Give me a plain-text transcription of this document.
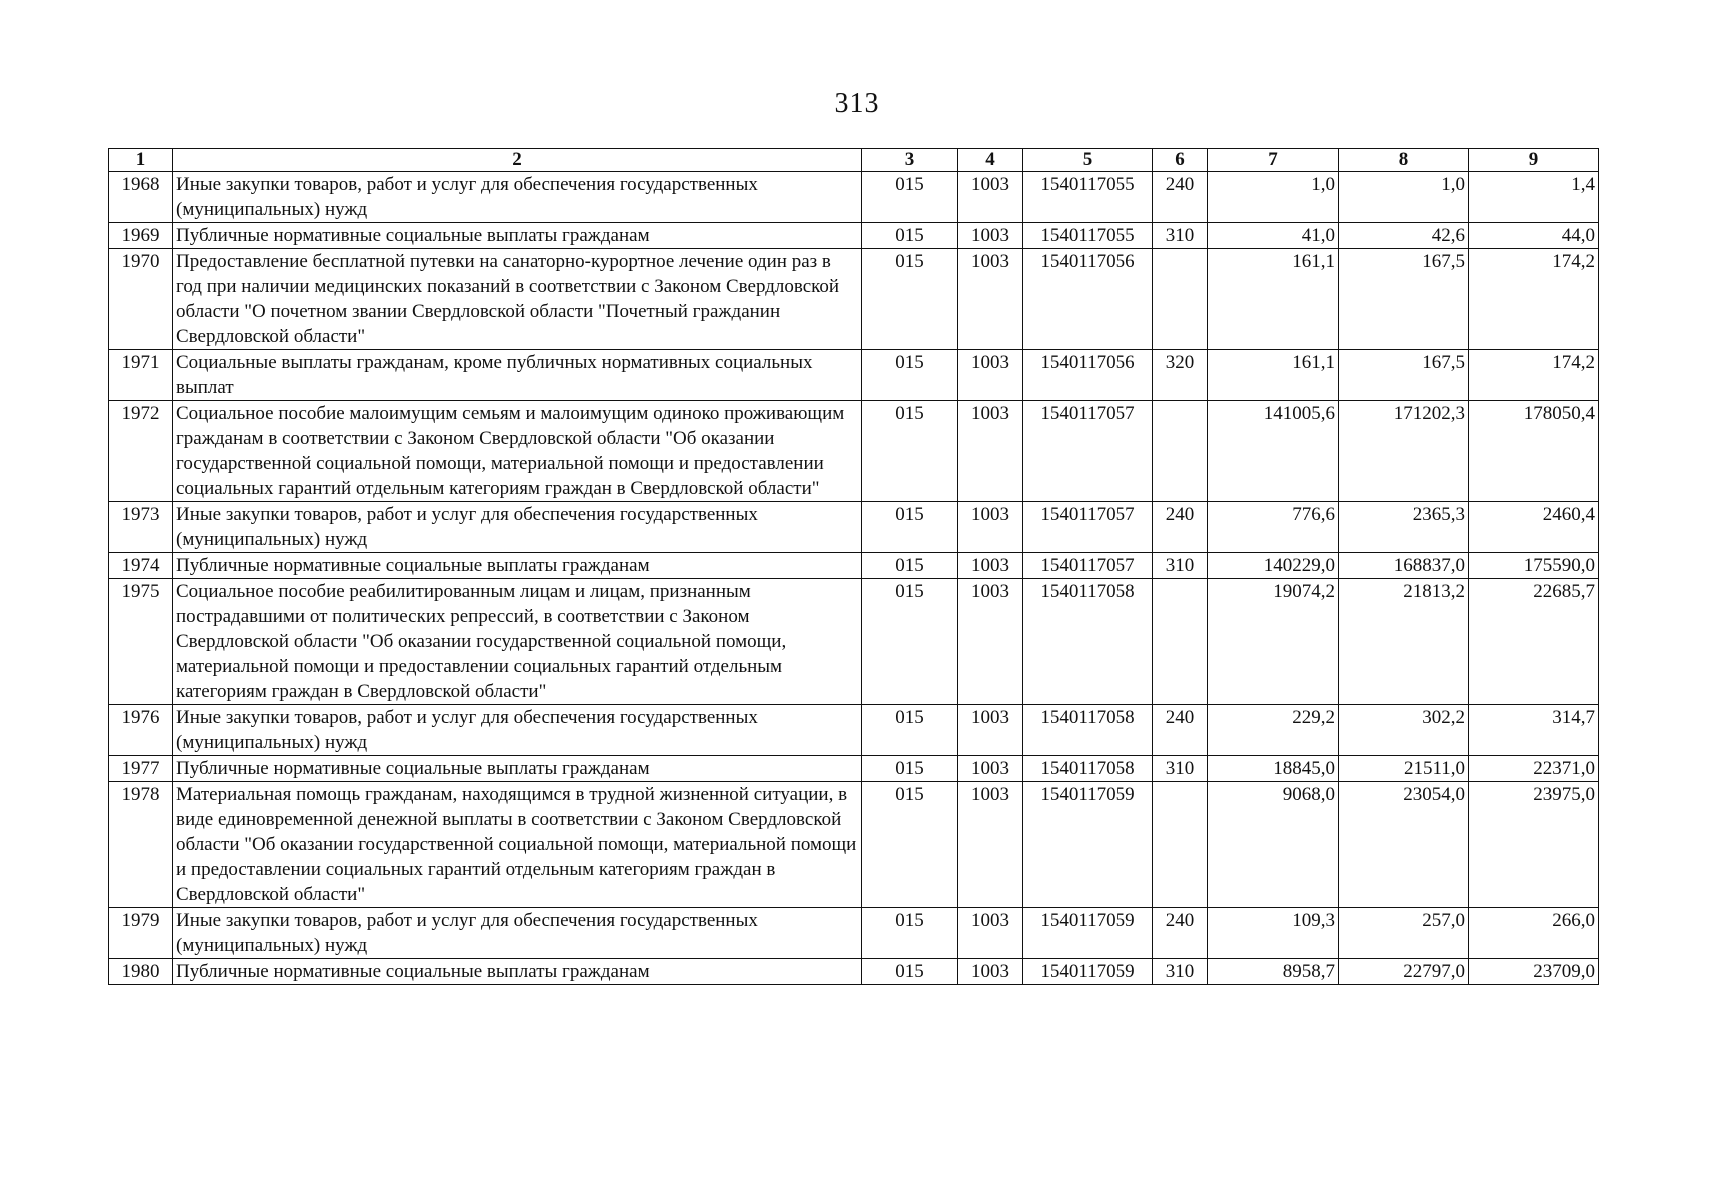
313
1	2	3	4	5	6	7	8	9
1968	Иные закупки товаров, работ и услуг для обеспечения государственных (муниципальных) нужд	015	1003	1540117055	240	1,0	1,0	1,4
1969	Публичные нормативные социальные выплаты гражданам	015	1003	1540117055	310	41,0	42,6	44,0
1970	Предоставление бесплатной путевки на санаторно-курортное лечение один раз в год при наличии медицинских показаний в соответствии с Законом Свердловской области "О почетном звании Свердловской области "Почетный гражданин Свердловской области"	015	1003	1540117056		161,1	167,5	174,2
1971	Социальные выплаты гражданам, кроме публичных нормативных социальных выплат	015	1003	1540117056	320	161,1	167,5	174,2
1972	Социальное пособие малоимущим семьям и малоимущим одиноко проживающим гражданам в соответствии с Законом Свердловской области "Об оказании государственной социальной помощи, материальной помощи и предоставлении социальных гарантий отдельным категориям граждан в Свердловской области"	015	1003	1540117057		141005,6	171202,3	178050,4
1973	Иные закупки товаров, работ и услуг для обеспечения государственных (муниципальных) нужд	015	1003	1540117057	240	776,6	2365,3	2460,4
1974	Публичные нормативные социальные выплаты гражданам	015	1003	1540117057	310	140229,0	168837,0	175590,0
1975	Социальное пособие реабилитированным лицам и лицам, признанным пострадавшими от политических репрессий, в соответствии с Законом Свердловской области "Об оказании государственной социальной помощи, материальной помощи и предоставлении социальных гарантий отдельным категориям граждан в Свердловской области"	015	1003	1540117058		19074,2	21813,2	22685,7
1976	Иные закупки товаров, работ и услуг для обеспечения государственных (муниципальных) нужд	015	1003	1540117058	240	229,2	302,2	314,7
1977	Публичные нормативные социальные выплаты гражданам	015	1003	1540117058	310	18845,0	21511,0	22371,0
1978	Материальная помощь гражданам, находящимся в трудной жизненной ситуации, в виде единовременной денежной выплаты в соответствии с Законом Свердловской области "Об оказании государственной социальной помощи, материальной помощи и предоставлении социальных гарантий отдельным категориям граждан в Свердловской области"	015	1003	1540117059		9068,0	23054,0	23975,0
1979	Иные закупки товаров, работ и услуг для обеспечения государственных (муниципальных) нужд	015	1003	1540117059	240	109,3	257,0	266,0
1980	Публичные нормативные социальные выплаты гражданам	015	1003	1540117059	310	8958,7	22797,0	23709,0
